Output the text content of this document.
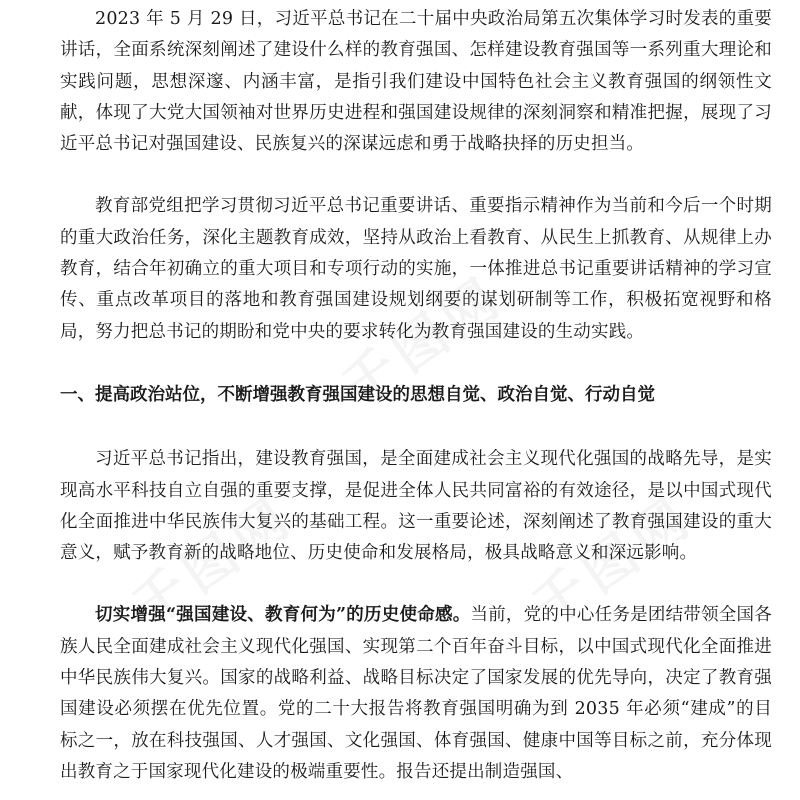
2023 年 5 月 29 日，习近平总书记在二十届中央政治局第五次集体学习时发表的重要讲话，全面系统深刻阐述了建设什么样的教育强国、怎样建设教育强国等一系列重大理论和实践问题，思想深邃、内涵丰富，是指引我们建设中国特色社会主义教育强国的纲领性文献，体现了大党大国领袖对世界历史进程和强国建设规律的深刻洞察和精准把握，展现了习近平总书记对强国建设、民族复兴的深谋远虑和勇于战略抉择的历史担当。

教育部党组把学习贯彻习近平总书记重要讲话、重要指示精神作为当前和今后一个时期的重大政治任务，深化主题教育成效，坚持从政治上看教育、从民生上抓教育、从规律上办教育，结合年初确立的重大项目和专项行动的实施，一体推进总书记重要讲话精神的学习宣传、重点改革项目的落地和教育强国建设规划纲要的谋划研制等工作，积极拓宽视野和格局，努力把总书记的期盼和党中央的要求转化为教育强国建设的生动实践。

一、提高政治站位，不断增强教育强国建设的思想自觉、政治自觉、行动自觉

习近平总书记指出，建设教育强国，是全面建成社会主义现代化强国的战略先导，是实现高水平科技自立自强的重要支撑，是促进全体人民共同富裕的有效途径，是以中国式现代化全面推进中华民族伟大复兴的基础工程。这一重要论述，深刻阐述了教育强国建设的重大意义，赋予教育新的战略地位、历史使命和发展格局，极具战略意义和深远影响。

切实增强“强国建设、教育何为”的历史使命感。当前，党的中心任务是团结带领全国各族人民全面建成社会主义现代化强国、实现第二个百年奋斗目标，以中国式现代化全面推进中华民族伟大复兴。国家的战略利益、战略目标决定了国家发展的优先导向，决定了教育强国建设必须摆在优先位置。党的二十大报告将教育强国明确为到 2035 年必须“建成”的目标之一，放在科技强国、人才强国、文化强国、体育强国、健康中国等目标之前，充分体现出教育之于国家现代化建设的极端重要性。报告还提出制造强国、
